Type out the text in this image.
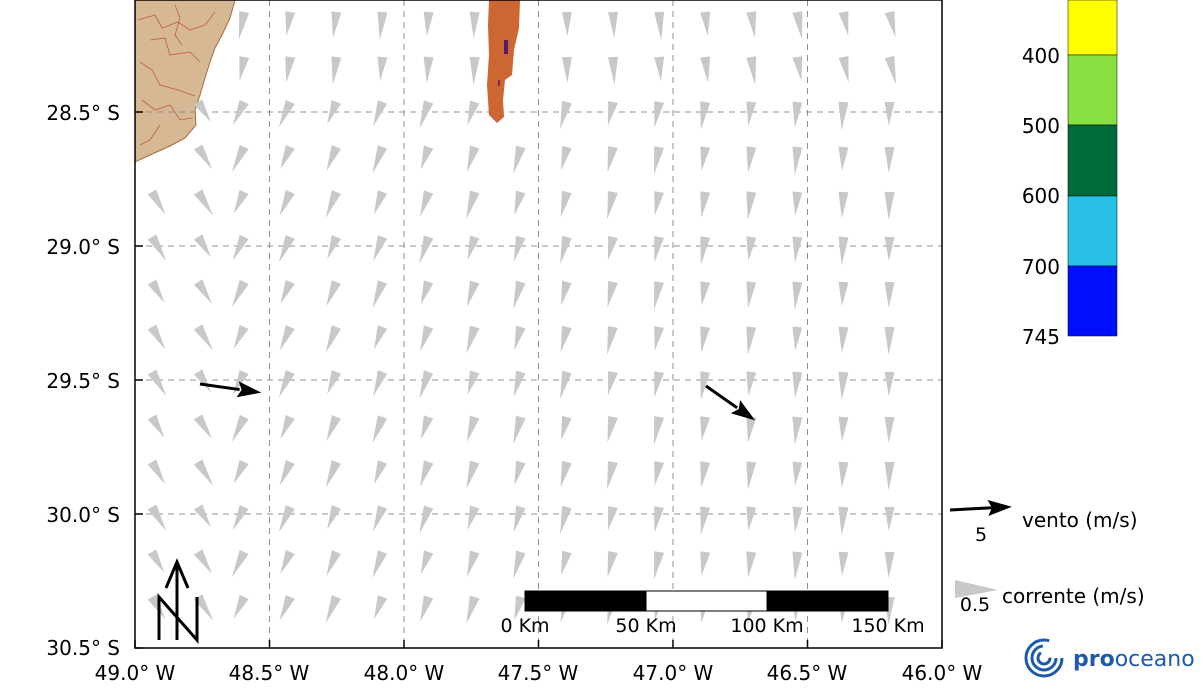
28.5° S
29.0° S
29.5° S
30.0° S
30.5° S
49.0° W	48.5° W	48.0° W	47.5° W	47.0° W	46.5° W	46.0° W
0 Km	50 Km	100 Km	150 Km
400
500
600
700
745
5
vento (m/s)
0.5 corrente (m/s)
prooceano
